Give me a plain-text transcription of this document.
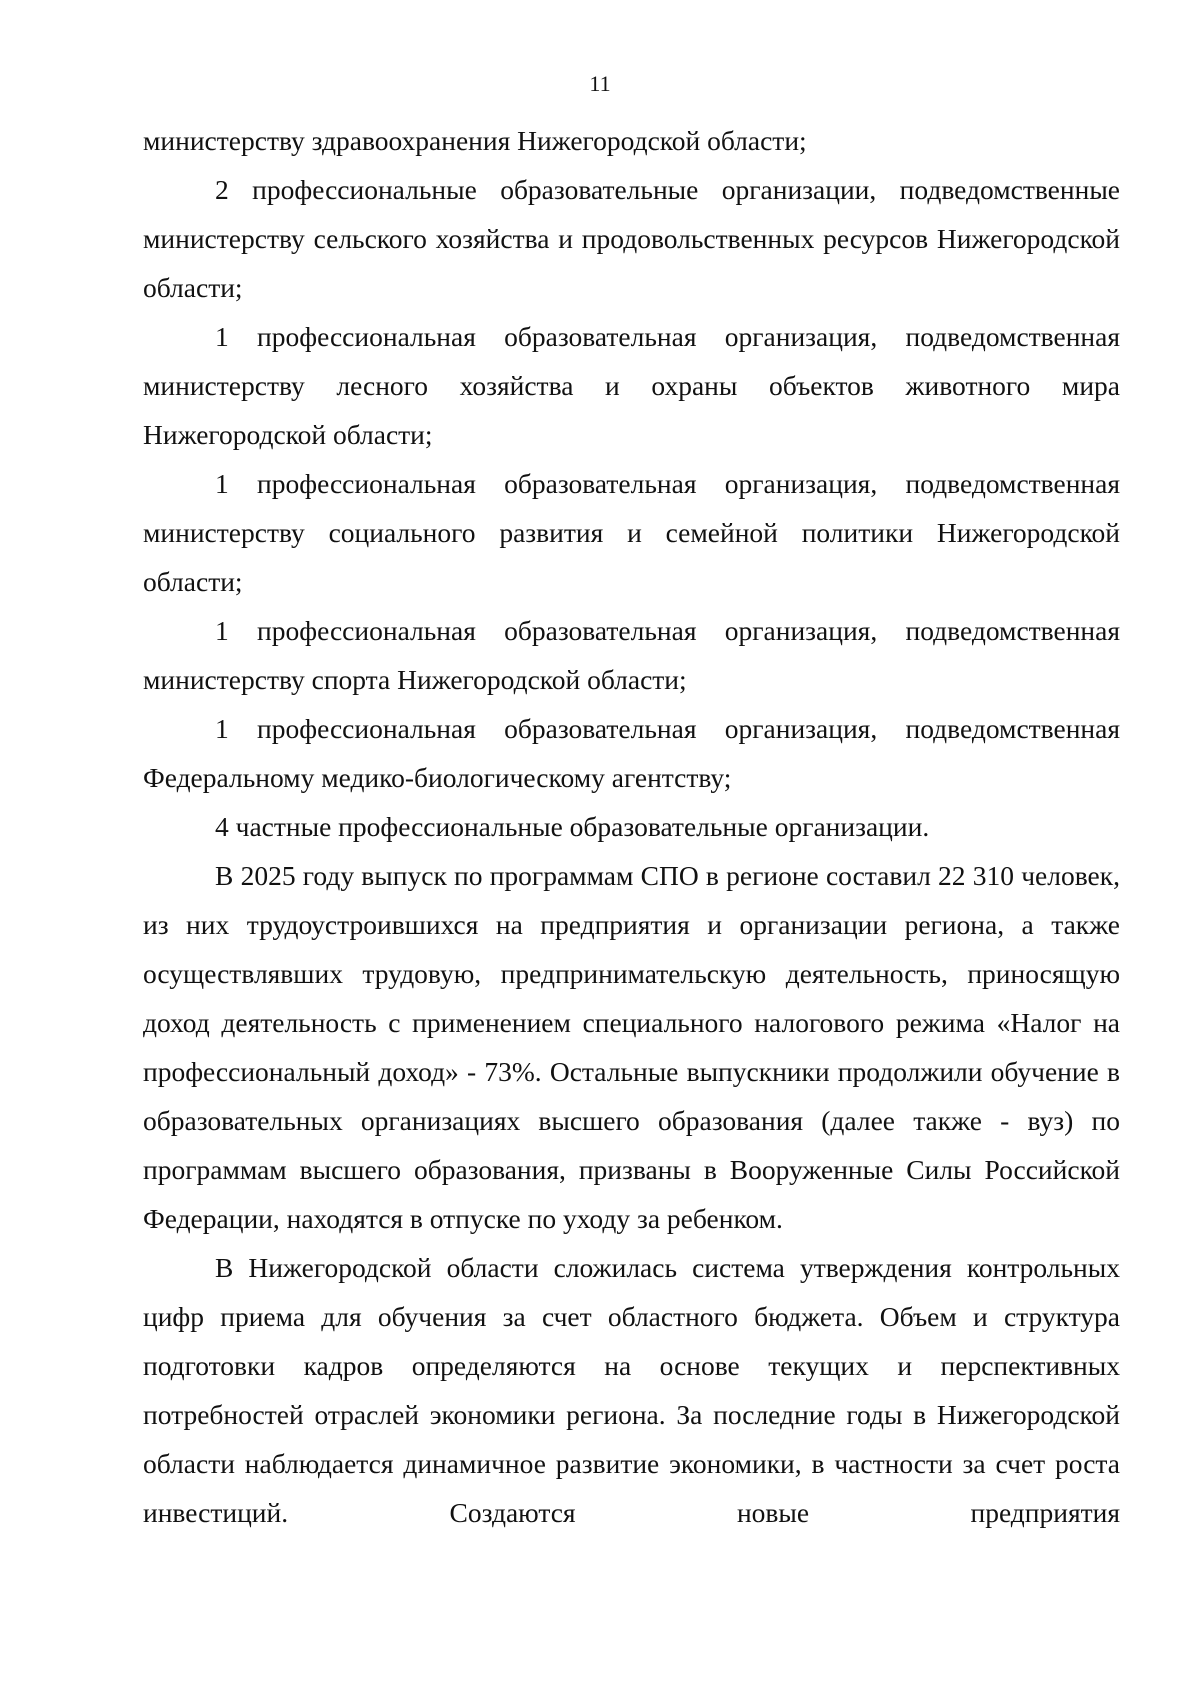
11

министерству здравоохранения Нижегородской области;

2 профессиональные образовательные организации, подведомственные министерству сельского хозяйства и продовольственных ресурсов Нижегородской области;

1 профессиональная образовательная организация, подведомственная министерству лесного хозяйства и охраны объектов животного мира Нижегородской области;

1 профессиональная образовательная организация, подведомственная министерству социального развития и семейной политики Нижегородской области;

1 профессиональная образовательная организация, подведомственная министерству спорта Нижегородской области;

1 профессиональная образовательная организация, подведомственная Федеральному медико-биологическому агентству;

4 частные профессиональные образовательные организации.

В 2025 году выпуск по программам СПО в регионе составил 22 310 человек, из них трудоустроившихся на предприятия и организации региона, а также осуществлявших трудовую, предпринимательскую деятельность, приносящую доход деятельность с применением специального налогового режима «Налог на профессиональный доход» - 73%. Остальные выпускники продолжили обучение в образовательных организациях высшего образования (далее также - вуз) по программам высшего образования, призваны в Вооруженные Силы Российской Федерации, находятся в отпуске по уходу за ребенком.

В Нижегородской области сложилась система утверждения контрольных цифр приема для обучения за счет областного бюджета. Объем и структура подготовки кадров определяются на основе текущих и перспективных потребностей отраслей экономики региона. За последние годы в Нижегородской области наблюдается динамичное развитие экономики, в частности за счет роста инвестиций. Создаются новые предприятия
